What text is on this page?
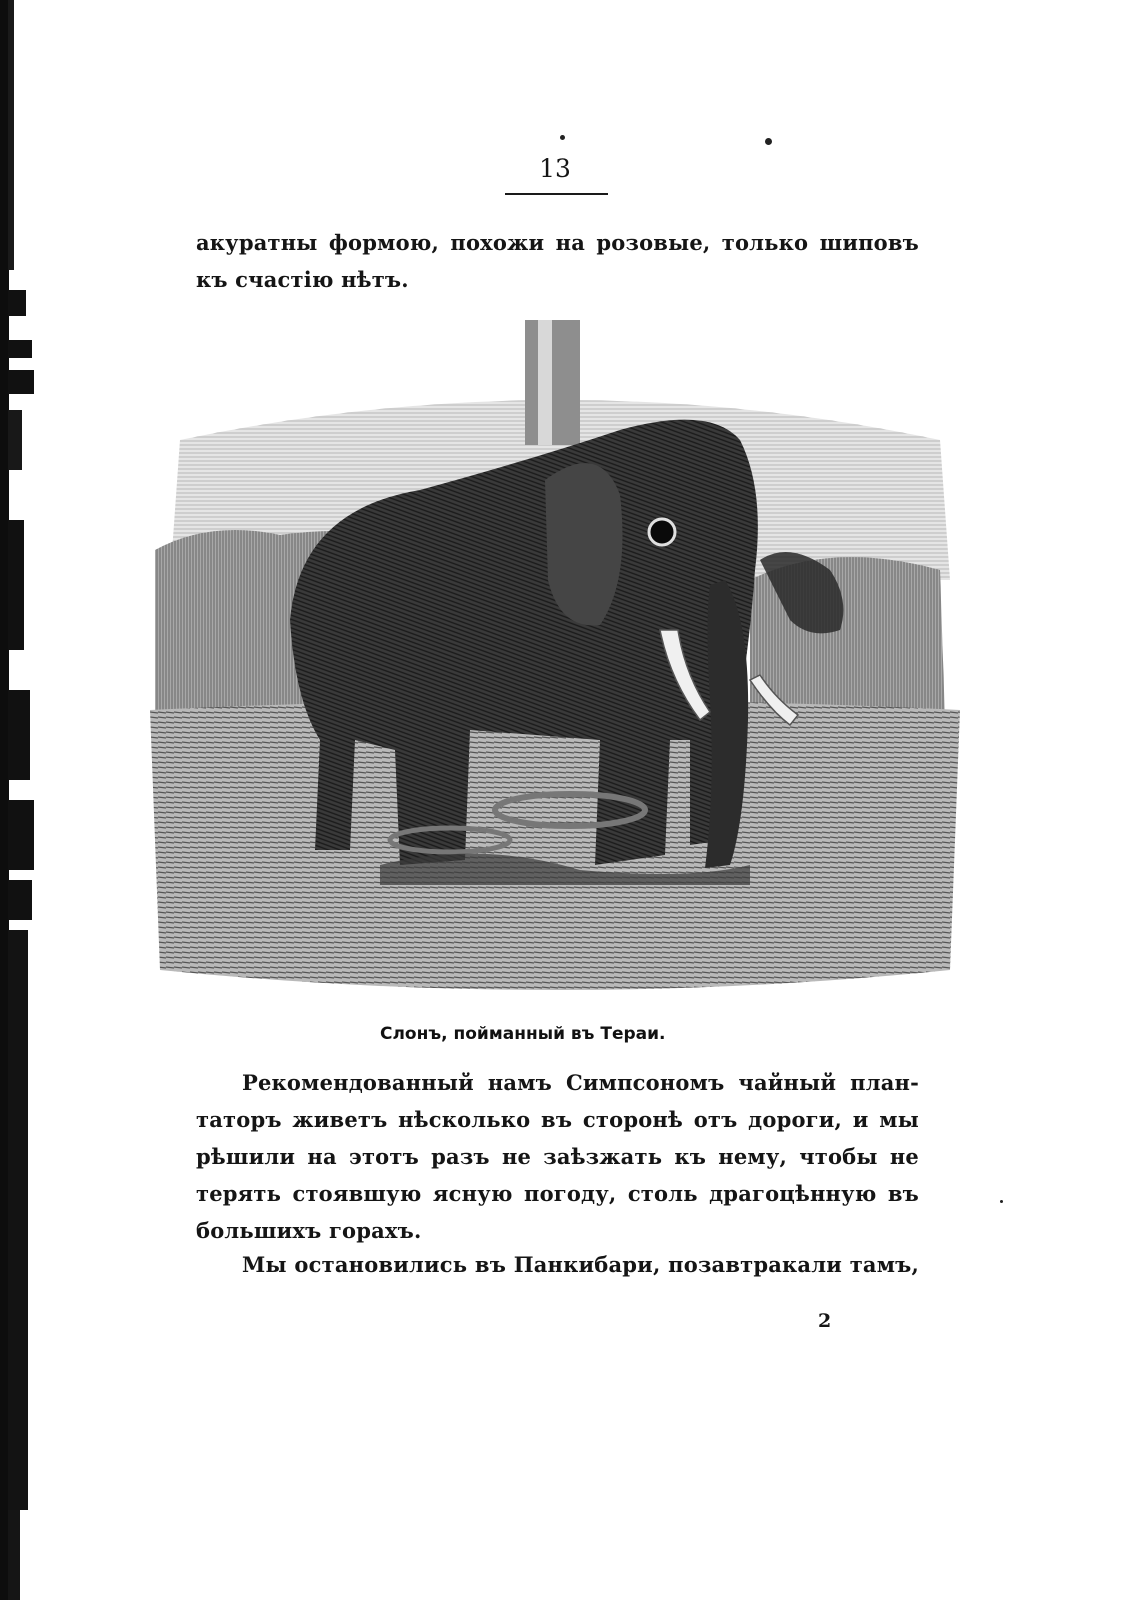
13

акуратны формою, похожи на розовые, только шиповъ
къ счастію нѣтъ.

Слонъ, пойманный въ Тераи.

Рекомендованный намъ Симпсономъ чайный план-
таторъ живетъ нѣсколько въ сторонѣ отъ дороги, и мы
рѣшили на этотъ разъ не заѣзжать къ нему, чтобы не
терять стоявшую ясную погоду, столь драгоцѣнную въ
большихъ горахъ.

Мы остановились въ Панкибари, позавтракали тамъ,

2
